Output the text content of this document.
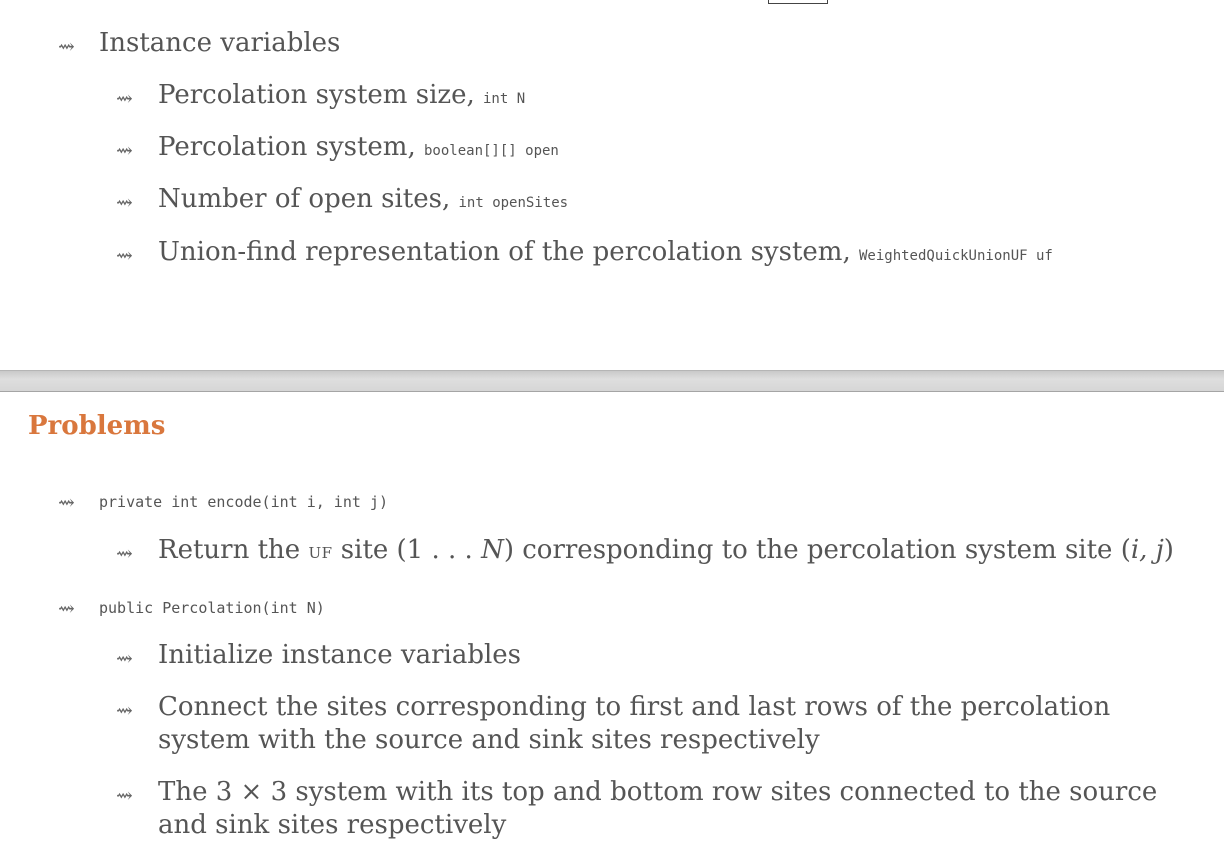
⇝ Instance variables
⇝ Percolation system size, int N
⇝ Percolation system, boolean[][] open
⇝ Number of open sites, int openSites
⇝ Union-find representation of the percolation system, WeightedQuickUnionUF uf
Problems
⇝ private int encode(int i, int j)
⇝ Return the UF site (1 . . . N) corresponding to the percolation system site (i, j)
⇝ public Percolation(int N)
⇝ Initialize instance variables
⇝ Connect the sites corresponding to first and last rows of the percolation system with the source and sink sites respectively
⇝ The 3 × 3 system with its top and bottom row sites connected to the source and sink sites respectively
